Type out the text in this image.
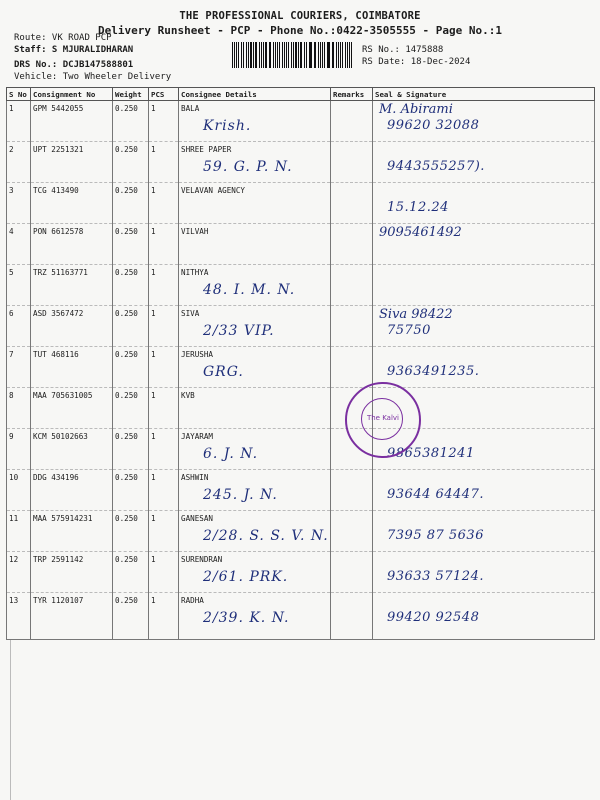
THE PROFESSIONAL COURIERS, COIMBATORE
Delivery Runsheet - PCP - Phone No.:0422-3505555 - Page No.:1
Route: VK ROAD PCP
Staff: S MJURALIDHARAN
DRS No.: DCJB147588801
Vehicle: Two Wheeler Delivery
RS No.: 1475888
RS Date: 18-Dec-2024
S No	Consignment No	Weight	PCS	Consignee Details	Remarks	Seal & Signature
1	GPM 5442055	0.250	1	BALA
Krish.		M. Abirami
99620 32088

2	UPT 2251321	0.250	1	SHREE PAPER
59. G. P. N.		9443555257).

3	TCG 413490	0.250	1	VELAVAN AGENCY		15.12.24

4	PON 6612578	0.250	1	VILVAH		9095461492

5	TRZ 51163771	0.250	1	NITHYA
48. I. M. N.		

6	ASD 3567472	0.250	1	SIVA
2/33 VIP.		Siva 98422
75750

7	TUT 468116	0.250	1	JERUSHA
GRG.		9363491235.

8	MAA 705631005	0.250	1	KVB		

9	KCM 50102663	0.250	1	JAYARAM
6. J. N.		9865381241

10	DDG 434196	0.250	1	ASHWIN
245. J. N.		93644 64447.

11	MAA 575914231	0.250	1	GANESAN
2/28. S. S. V. N.		7395 87 5636

12	TRP 2591142	0.250	1	SURENDRAN
2/61. PRK.		93633 57124.

13	TYR 1120107	0.250	1	RADHA
2/39. K. N.		99420 92548
The Kalvi
